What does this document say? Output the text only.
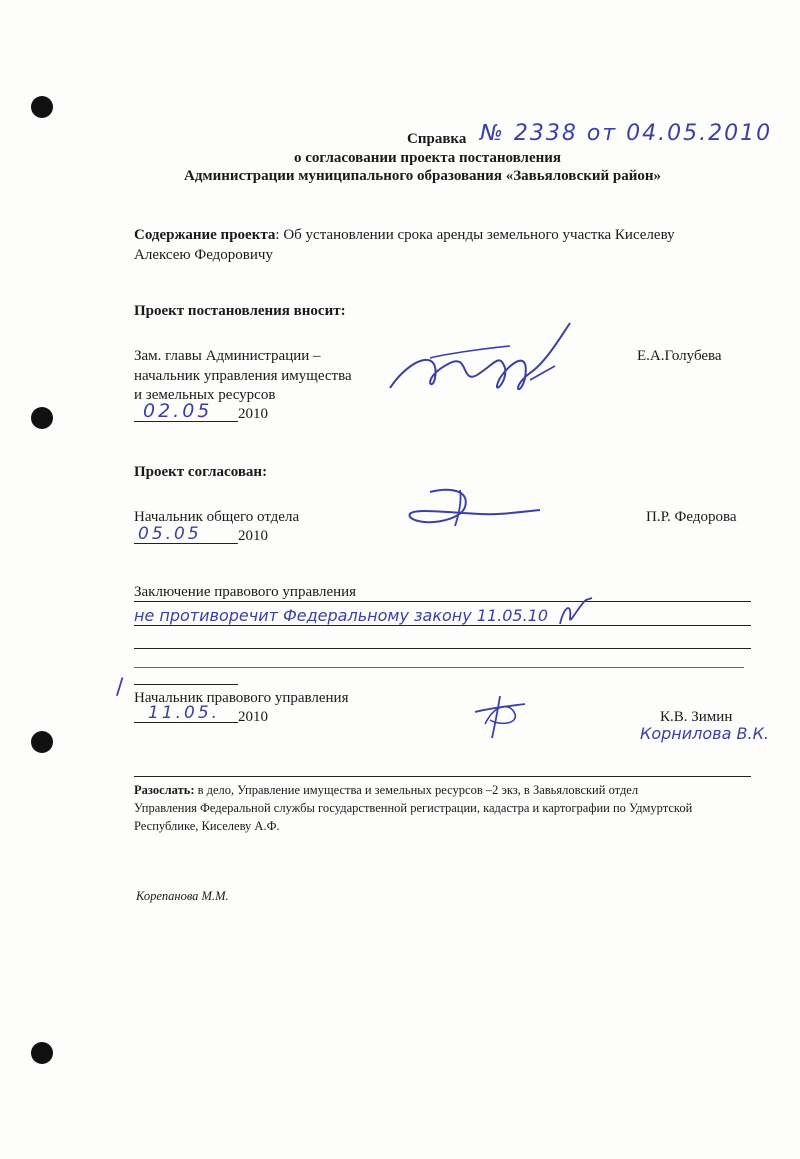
Справка № 2338 от 04.05.2010
о согласовании проекта постановления
Администрации муниципального образования «Завьяловский район»
Содержание проекта: Об установлении срока аренды земельного участка Киселеву
Алексею Федоровичу
Проект постановления вносит:
Зам. главы Администрации –
начальник управления имущества
и земельных ресурсов
02.05 2010
Е.А.Голубева
Проект согласован:
Начальник общего отдела
05.05 2010
П.Р. Федорова
Заключение правового управления
не противоречит Федеральному закону 11.05.10
/ Начальник правового управления
11.05. 2010	К.В. Зимин
Корнилова В.К.
Разослать: в дело, Управление имущества и земельных ресурсов –2 экз, в Завьяловский отдел
Управления Федеральной службы государственной регистрации, кадастра и картографии по Удмуртской
Республике, Киселеву А.Ф.
Корепанова М.М.
